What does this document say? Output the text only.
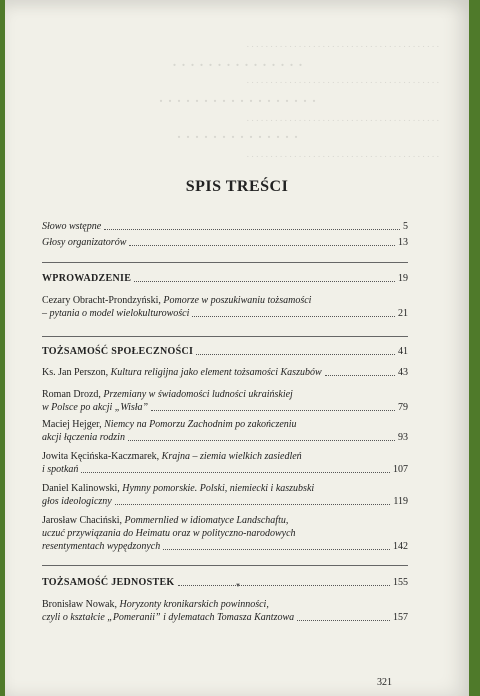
. . . . . . . . . . . . . . . . . . . . . . . . . . . . . . . . . . . . . . . . .
. . . . . . . . . . . . . . .
. . . . . . . . . . . . . . . . . . . . . . . . . . . . . . . . . . . . . . . . .
. . . . . . . . . . . . . . . . . .
. . . . . . . . . . . . . . . . . . . . . . . . . . . . . . . . . . . . . . . . .
. . . . . . . . . . . . . .
. . . . . . . . . . . . . . . . . . . . . . . . . . . . . . . . . . . . . . . . .
SPIS TREŚCI
Słowo wstępne	5
Głosy organizatorów	13
WPROWADZENIE	19
Cezary Obracht-Prondzyński, Pomorze w poszukiwaniu tożsamości
– pytania o model wielokulturowości	21
TOŻSAMOŚĆ SPOŁECZNOŚCI	41
Ks. Jan Perszon, Kultura religijna jako element tożsamości Kaszubów	43
Roman Drozd, Przemiany w świadomości ludności ukraińskiej
w Polsce po akcji „Wisła”	79
Maciej Hejger, Niemcy na Pomorzu Zachodnim po zakończeniu
akcji łączenia rodzin	93
Jowita Kęcińska-Kaczmarek, Krajna – ziemia wielkich zasiedleń
i spotkań	107
Daniel Kalinowski, Hymny pomorskie. Polski, niemiecki i kaszubski
głos ideologiczny	119
Jarosław Chaciński, Pommernlied w idiomatyce Landschaftu,
uczuć przywiązania do Heimatu oraz w polityczno-narodowych
resentymentach wypędzonych	142
▼
TOŻSAMOŚĆ JEDNOSTEK	155
Bronisław Nowak, Horyzonty kronikarskich powinności,
czyli o kształcie „Pomeranii” i dylematach Tomasza Kantzowa	157
321
